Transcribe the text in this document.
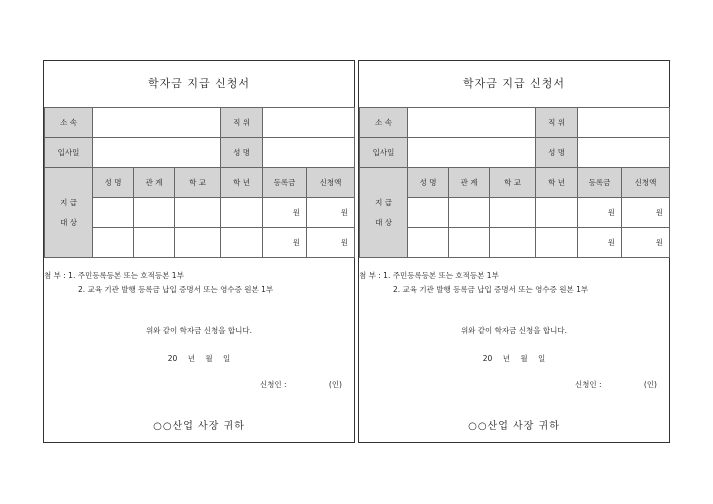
학자금 지급 신청서
소 속				직 위		
입사일				성 명		
지 급

대 상	성 명	관 계	학 교	학 년	등록금	신청액
					원	원
					원	원
첨 부 : 1. 주민등록등본 또는 호적등본 1부
2. 교육 기관 발행 등록금 납입 증명서 또는 영수증 원본 1부
위와 같이 학자금 신청을 합니다.
20 년 월 일
신청인 :	(인)
○○산업 사장 귀하
학자금 지급 신청서
소 속				직 위		
입사일				성 명		
지 급

대 상	성 명	관 계	학 교	학 년	등록금	신청액
					원	원
					원	원
첨 부 : 1. 주민등록등본 또는 호적등본 1부
2. 교육 기관 발행 등록금 납입 증명서 또는 영수증 원본 1부
위와 같이 학자금 신청을 합니다.
20 년 월 일
신청인 :	(인)
○○산업 사장 귀하
